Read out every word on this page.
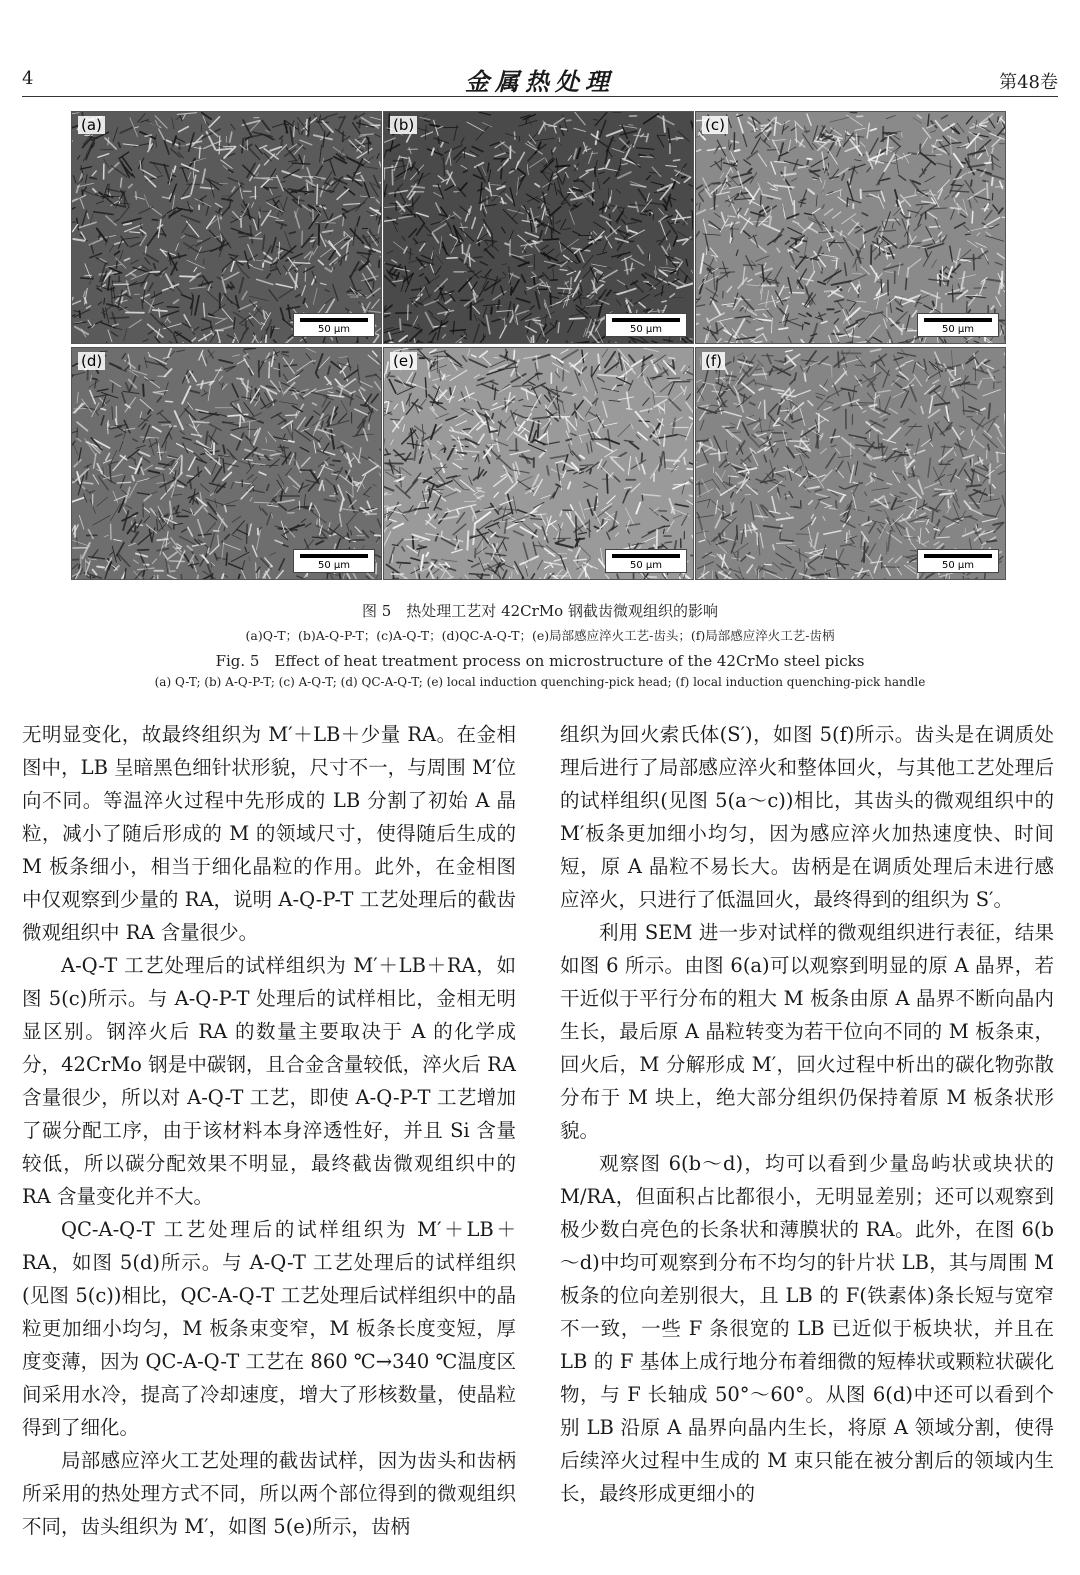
4	金属热处理	第48卷
(a)
50 μm
(b)
50 μm
(c)
50 μm
(d)
50 μm
(e)
50 μm
(f)
50 μm
图 5　热处理工艺对 42CrMo 钢截齿微观组织的影响
(a)Q-T；(b)A-Q-P-T；(c)A-Q-T；(d)QC-A-Q-T；(e)局部感应淬火工艺-齿头；(f)局部感应淬火工艺-齿柄
Fig. 5　Effect of heat treatment process on microstructure of the 42CrMo steel picks
(a) Q-T; (b) A-Q-P-T; (c) A-Q-T; (d) QC-A-Q-T; (e) local induction quenching-pick head; (f) local induction quenching-pick handle

无明显变化，故最终组织为 M′＋LB＋少量 RA。在金相图中，LB 呈暗黑色细针状形貌，尺寸不一，与周围 M′位向不同。等温淬火过程中先形成的 LB 分割了初始 A 晶粒，减小了随后形成的 M 的领域尺寸，使得随后生成的 M 板条细小，相当于细化晶粒的作用。此外，在金相图中仅观察到少量的 RA，说明 A-Q-P-T 工艺处理后的截齿微观组织中 RA 含量很少。

A-Q-T 工艺处理后的试样组织为 M′＋LB＋RA，如图 5(c)所示。与 A-Q-P-T 处理后的试样相比，金相无明显区别。钢淬火后 RA 的数量主要取决于 A 的化学成分，42CrMo 钢是中碳钢，且合金含量较低，淬火后 RA 含量很少，所以对 A-Q-T 工艺，即使 A-Q-P-T 工艺增加了碳分配工序，由于该材料本身淬透性好，并且 Si 含量较低，所以碳分配效果不明显，最终截齿微观组织中的 RA 含量变化并不大。

QC-A-Q-T 工艺处理后的试样组织为 M′＋LB＋RA，如图 5(d)所示。与 A-Q-T 工艺处理后的试样组织(见图 5(c))相比，QC-A-Q-T 工艺处理后试样组织中的晶粒更加细小均匀，M 板条束变窄，M 板条长度变短，厚度变薄，因为 QC-A-Q-T 工艺在 860 ℃→340 ℃温度区间采用水冷，提高了冷却速度，增大了形核数量，使晶粒得到了细化。

局部感应淬火工艺处理的截齿试样，因为齿头和齿柄所采用的热处理方式不同，所以两个部位得到的微观组织不同，齿头组织为 M′，如图 5(e)所示，齿柄

组织为回火索氏体(S′)，如图 5(f)所示。齿头是在调质处理后进行了局部感应淬火和整体回火，与其他工艺处理后的试样组织(见图 5(a～c))相比，其齿头的微观组织中的 M′板条更加细小均匀，因为感应淬火加热速度快、时间短，原 A 晶粒不易长大。齿柄是在调质处理后未进行感应淬火，只进行了低温回火，最终得到的组织为 S′。

利用 SEM 进一步对试样的微观组织进行表征，结果如图 6 所示。由图 6(a)可以观察到明显的原 A 晶界，若干近似于平行分布的粗大 M 板条由原 A 晶界不断向晶内生长，最后原 A 晶粒转变为若干位向不同的 M 板条束，回火后，M 分解形成 M′，回火过程中析出的碳化物弥散分布于 M 块上，绝大部分组织仍保持着原 M 板条状形貌。

观察图 6(b～d)，均可以看到少量岛屿状或块状的 M/RA，但面积占比都很小，无明显差别；还可以观察到极少数白亮色的长条状和薄膜状的 RA。此外，在图 6(b～d)中均可观察到分布不均匀的针片状 LB，其与周围 M 板条的位向差别很大，且 LB 的 F(铁素体)条长短与宽窄不一致，一些 F 条很宽的 LB 已近似于板块状，并且在 LB 的 F 基体上成行地分布着细微的短棒状或颗粒状碳化物，与 F 长轴成 50°～60°。从图 6(d)中还可以看到个别 LB 沿原 A 晶界向晶内生长，将原 A 领域分割，使得后续淬火过程中生成的 M 束只能在被分割后的领域内生长，最终形成更细小的
